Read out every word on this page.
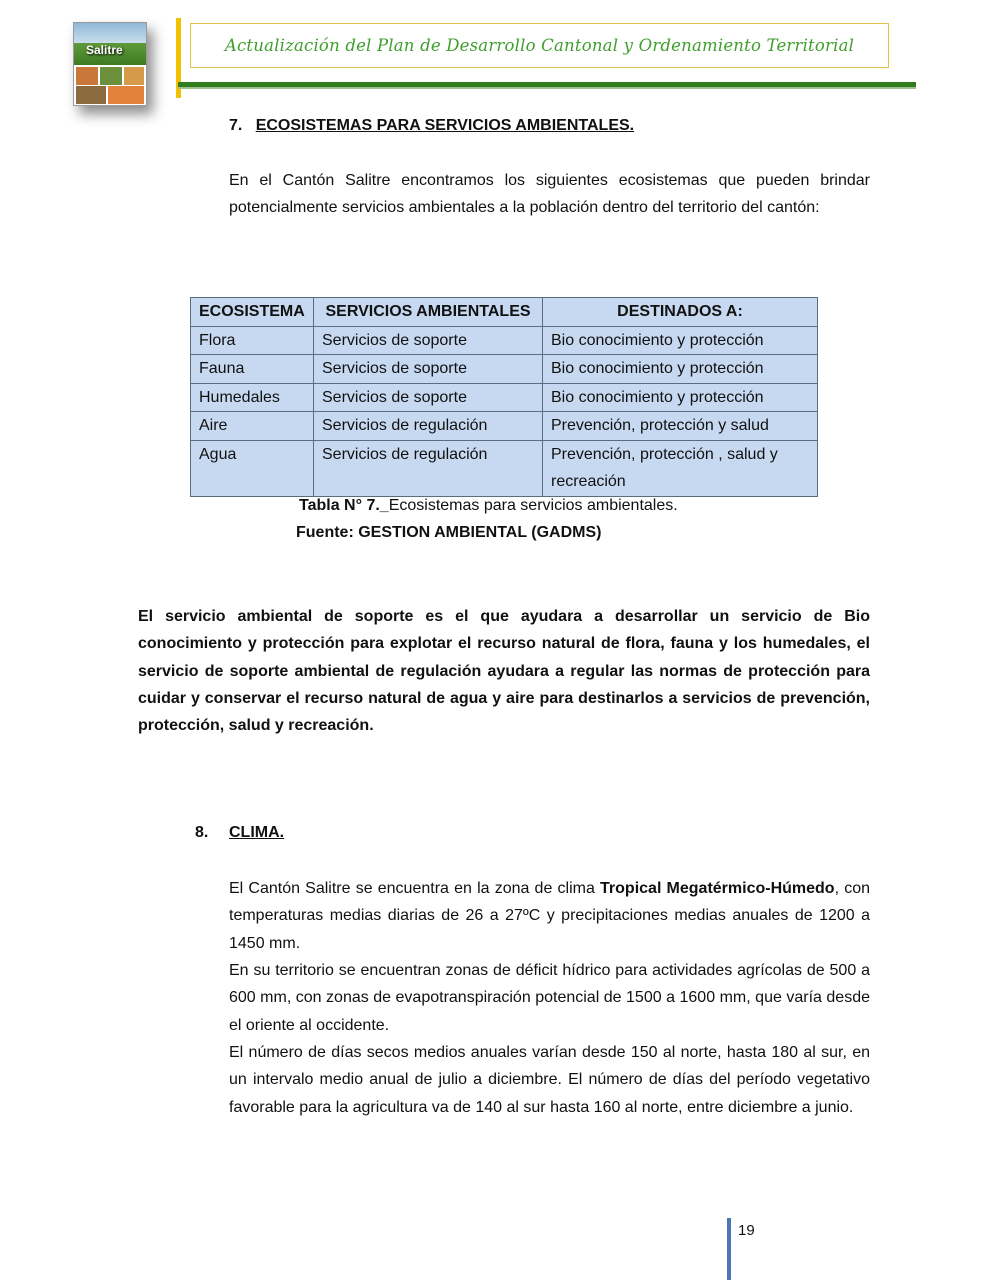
Salitre	Actualización del Plan de Desarrollo Cantonal y Ordenamiento Territorial
7. ECOSISTEMAS PARA SERVICIOS AMBIENTALES.
En el Cantón Salitre encontramos los siguientes ecosistemas que pueden brindar potencialmente servicios ambientales a la población dentro del territorio del cantón:
ECOSISTEMA	SERVICIOS AMBIENTALES	DESTINADOS A:
Flora	Servicios de soporte	Bio conocimiento y protección
Fauna	Servicios de soporte	Bio conocimiento y protección
Humedales	Servicios de soporte	Bio conocimiento y protección
Aire	Servicios de regulación	Prevención, protección y salud
Agua	Servicios de regulación	Prevención, protección , salud y recreación
Tabla N° 7._Ecosistemas para servicios ambientales.
Fuente: GESTION AMBIENTAL (GADMS)
El servicio ambiental de soporte es el que ayudara a desarrollar un servicio de Bio conocimiento y protección para explotar el recurso natural de flora, fauna y los humedales, el servicio de soporte ambiental de regulación ayudara a regular las normas de protección para cuidar y conservar el recurso natural de agua y aire para destinarlos a servicios de prevención, protección, salud y recreación.
8. CLIMA.
El Cantón Salitre se encuentra en la zona de clima Tropical Megatérmico-Húmedo, con temperaturas medias diarias de 26 a 27ºC y precipitaciones medias anuales de 1200 a 1450 mm.
En su territorio se encuentran zonas de déficit hídrico para actividades agrícolas de 500 a 600 mm, con zonas de evapotranspiración potencial de 1500 a 1600 mm, que varía desde el oriente al occidente.
El número de días secos medios anuales varían desde 150 al norte, hasta 180 al sur, en un intervalo medio anual de julio a diciembre. El número de días del período vegetativo favorable para la agricultura va de 140 al sur hasta 160 al norte, entre diciembre a junio.
19
